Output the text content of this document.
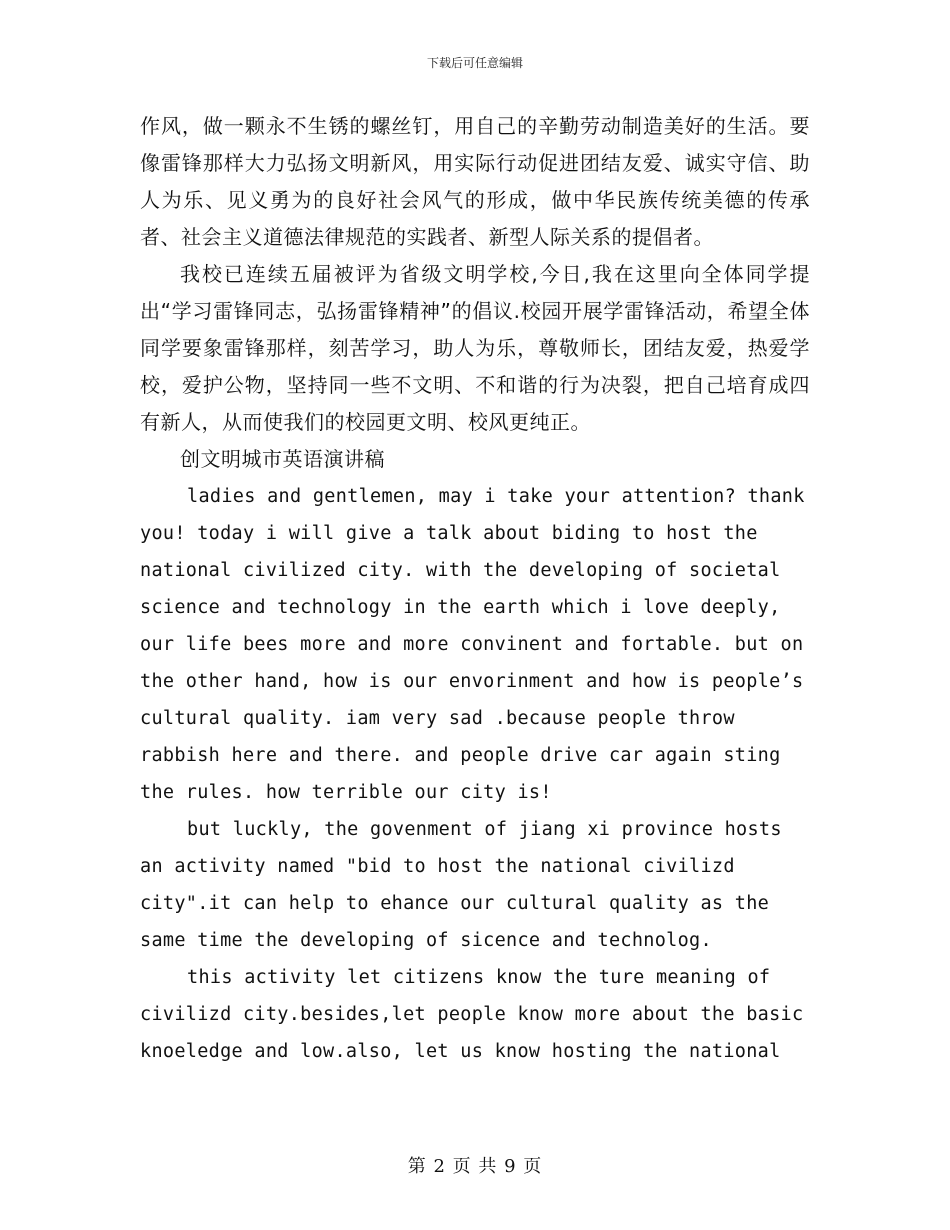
下载后可任意编辑

作风，做一颗永不生锈的螺丝钉，用自己的辛勤劳动制造美好的生活。要像雷锋那样大力弘扬文明新风，用实际行动促进团结友爱、诚实守信、助人为乐、见义勇为的良好社会风气的形成，做中华民族传统美德的传承者、社会主义道德法律规范的实践者、新型人际关系的提倡者。

我校已连续五届被评为省级文明学校,今日,我在这里向全体同学提出“学习雷锋同志，弘扬雷锋精神”的倡议.校园开展学雷锋活动，希望全体同学要象雷锋那样，刻苦学习，助人为乐，尊敬师长，团结友爱，热爱学校，爱护公物，坚持同一些不文明、不和谐的行为决裂，把自己培育成四有新人，从而使我们的校园更文明、校风更纯正。

创文明城市英语演讲稿

ladies and gentlemen, may i take your attention? thank you! today i will give a talk about biding to host the national civilized city. with the developing of societal science and technology in the earth which i love deeply, our life bees more and more convinent and fortable. but on the other hand, how is our envorinment and how is people’s cultural quality. iam very sad .because people throw rabbish here and there. and people drive car again sting the rules. how terrible our city is!

but luckly, the govenment of jiang xi province hosts an activity named "bid to host the national civilizd city".it can help to ehance our cultural quality as the same time the developing of sicence and technolog.

this activity let citizens know the ture meaning of civilizd city.besides,let people know more about the basic knoeledge and low.also, let us know hosting the national

第 2 页 共 9 页
